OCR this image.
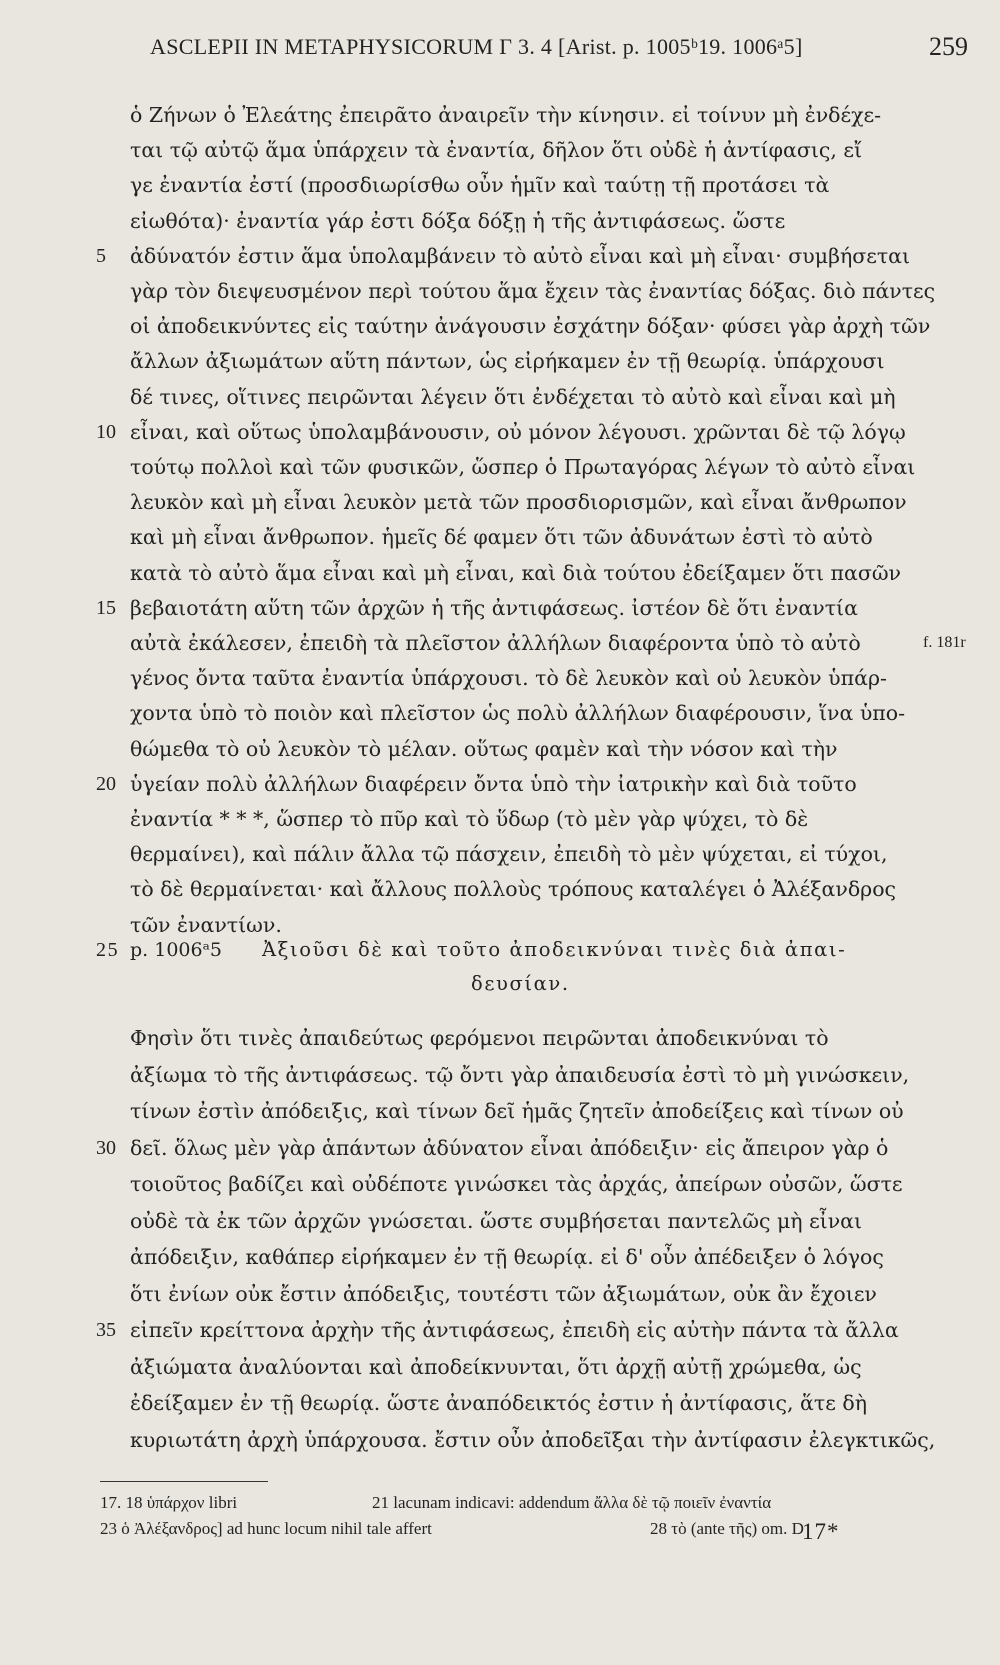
ASCLEPII IN METAPHYSICORUM Γ 3. 4 [Arist. p. 1005ᵇ19. 1006ᵃ5]	259
ὁ Ζήνων ὁ Ἐλεάτης ἐπειρᾶτο ἀναιρεῖν τὴν κίνησιν. εἰ τοίνυν μὴ ἐνδέχε-
ται τῷ αὐτῷ ἅμα ὑπάρχειν τὰ ἐναντία, δῆλον ὅτι οὐδὲ ἡ ἀντίφασις, εἴ
γε ἐναντία ἐστί (προσδιωρίσθω οὖν ἡμῖν καὶ ταύτῃ τῇ προτάσει τὰ
εἰωθότα)· ἐναντία γάρ ἐστι δόξα δόξῃ ἡ τῆς ἀντιφάσεως. ὥστε
5 ἀδύνατόν ἐστιν ἅμα ὑπολαμβάνειν τὸ αὐτὸ εἶναι καὶ μὴ εἶναι· συμβήσεται
γὰρ τὸν διεψευσμένον περὶ τούτου ἅμα ἔχειν τὰς ἐναντίας δόξας. διὸ πάντες
οἱ ἀποδεικνύντες εἰς ταύτην ἀνάγουσιν ἐσχάτην δόξαν· φύσει γὰρ ἀρχὴ τῶν
ἄλλων ἀξιωμάτων αὕτη πάντων, ὡς εἰρήκαμεν ἐν τῇ θεωρίᾳ. ὑπάρχουσι
δέ τινες, οἵτινες πειρῶνται λέγειν ὅτι ἐνδέχεται τὸ αὐτὸ καὶ εἶναι καὶ μὴ
10 εἶναι, καὶ οὕτως ὑπολαμβάνουσιν, οὐ μόνον λέγουσι. χρῶνται δὲ τῷ λόγῳ
τούτῳ πολλοὶ καὶ τῶν φυσικῶν, ὥσπερ ὁ Πρωταγόρας λέγων τὸ αὐτὸ εἶναι
λευκὸν καὶ μὴ εἶναι λευκὸν μετὰ τῶν προσδιορισμῶν, καὶ εἶναι ἄνθρωπον
καὶ μὴ εἶναι ἄνθρωπον. ἡμεῖς δέ φαμεν ὅτι τῶν ἀδυνάτων ἐστὶ τὸ αὐτὸ
κατὰ τὸ αὐτὸ ἅμα εἶναι καὶ μὴ εἶναι, καὶ διὰ τούτου ἐδείξαμεν ὅτι πασῶν
15 βεβαιοτάτη αὕτη τῶν ἀρχῶν ἡ τῆς ἀντιφάσεως. ἰστέον δὲ ὅτι ἐναντία
αὐτὰ ἐκάλεσεν, ἐπειδὴ τὰ πλεῖστον ἀλλήλων διαφέροντα ὑπὸ τὸ αὐτὸ	f. 181r
γένος ὄντα ταῦτα ἐναντία ὑπάρχουσι. τὸ δὲ λευκὸν καὶ οὐ λευκὸν ὑπάρ-
χοντα ὑπὸ τὸ ποιὸν καὶ πλεῖστον ὡς πολὺ ἀλλήλων διαφέρουσιν, ἵνα ὑπο-
θώμεθα τὸ οὐ λευκὸν τὸ μέλαν. οὕτως φαμὲν καὶ τὴν νόσον καὶ τὴν
20 ὑγείαν πολὺ ἀλλήλων διαφέρειν ὄντα ὑπὸ τὴν ἰατρικὴν καὶ διὰ τοῦτο
ἐναντία * * *, ὥσπερ τὸ πῦρ καὶ τὸ ὕδωρ (τὸ μὲν γὰρ ψύχει, τὸ δὲ
θερμαίνει), καὶ πάλιν ἄλλα τῷ πάσχειν, ἐπειδὴ τὸ μὲν ψύχεται, εἰ τύχοι,
τὸ δὲ θερμαίνεται· καὶ ἄλλους πολλοὺς τρόπους καταλέγει ὁ Ἀλέξανδρος
τῶν ἐναντίων.
25 p. 1006ᵃ5 Ἀξιοῦσι δὲ καὶ τοῦτο ἀποδεικνύναι τινὲς διὰ ἀπαι-
δευσίαν.
Φησὶν ὅτι τινὲς ἀπαιδεύτως φερόμενοι πειρῶνται ἀποδεικνύναι τὸ
ἀξίωμα τὸ τῆς ἀντιφάσεως. τῷ ὄντι γὰρ ἀπαιδευσία ἐστὶ τὸ μὴ γινώσκειν,
τίνων ἐστὶν ἀπόδειξις, καὶ τίνων δεῖ ἡμᾶς ζητεῖν ἀποδείξεις καὶ τίνων οὐ
30 δεῖ. ὅλως μὲν γὰρ ἁπάντων ἀδύνατον εἶναι ἀπόδειξιν· εἰς ἄπειρον γὰρ ὁ
τοιοῦτος βαδίζει καὶ οὐδέποτε γινώσκει τὰς ἀρχάς, ἀπείρων οὐσῶν, ὥστε
οὐδὲ τὰ ἐκ τῶν ἀρχῶν γνώσεται. ὥστε συμβήσεται παντελῶς μὴ εἶναι
ἀπόδειξιν, καθάπερ εἰρήκαμεν ἐν τῇ θεωρίᾳ. εἰ δ' οὖν ἀπέδειξεν ὁ λόγος
ὅτι ἐνίων οὐκ ἔστιν ἀπόδειξις, τουτέστι τῶν ἀξιωμάτων, οὐκ ἂν ἔχοιεν
35 εἰπεῖν κρείττονα ἀρχὴν τῆς ἀντιφάσεως, ἐπειδὴ εἰς αὐτὴν πάντα τὰ ἄλλα
ἀξιώματα ἀναλύονται καὶ ἀποδείκνυνται, ὅτι ἀρχῇ αὐτῇ χρώμεθα, ὡς
ἐδείξαμεν ἐν τῇ θεωρίᾳ. ὥστε ἀναπόδεικτός ἐστιν ἡ ἀντίφασις, ἅτε δὴ
κυριωτάτη ἀρχὴ ὑπάρχουσα. ἔστιν οὖν ἀποδεῖξαι τὴν ἀντίφασιν ἐλεγκτικῶς,
17. 18 ὑπάρχον libri	21 lacunam indicavi: addendum ἄλλα δὲ τῷ ποιεῖν ἐναντία
23 ὁ Ἀλέξανδρος] ad hunc locum nihil tale affert	28 τὸ (ante τῆς) om. D
17*
